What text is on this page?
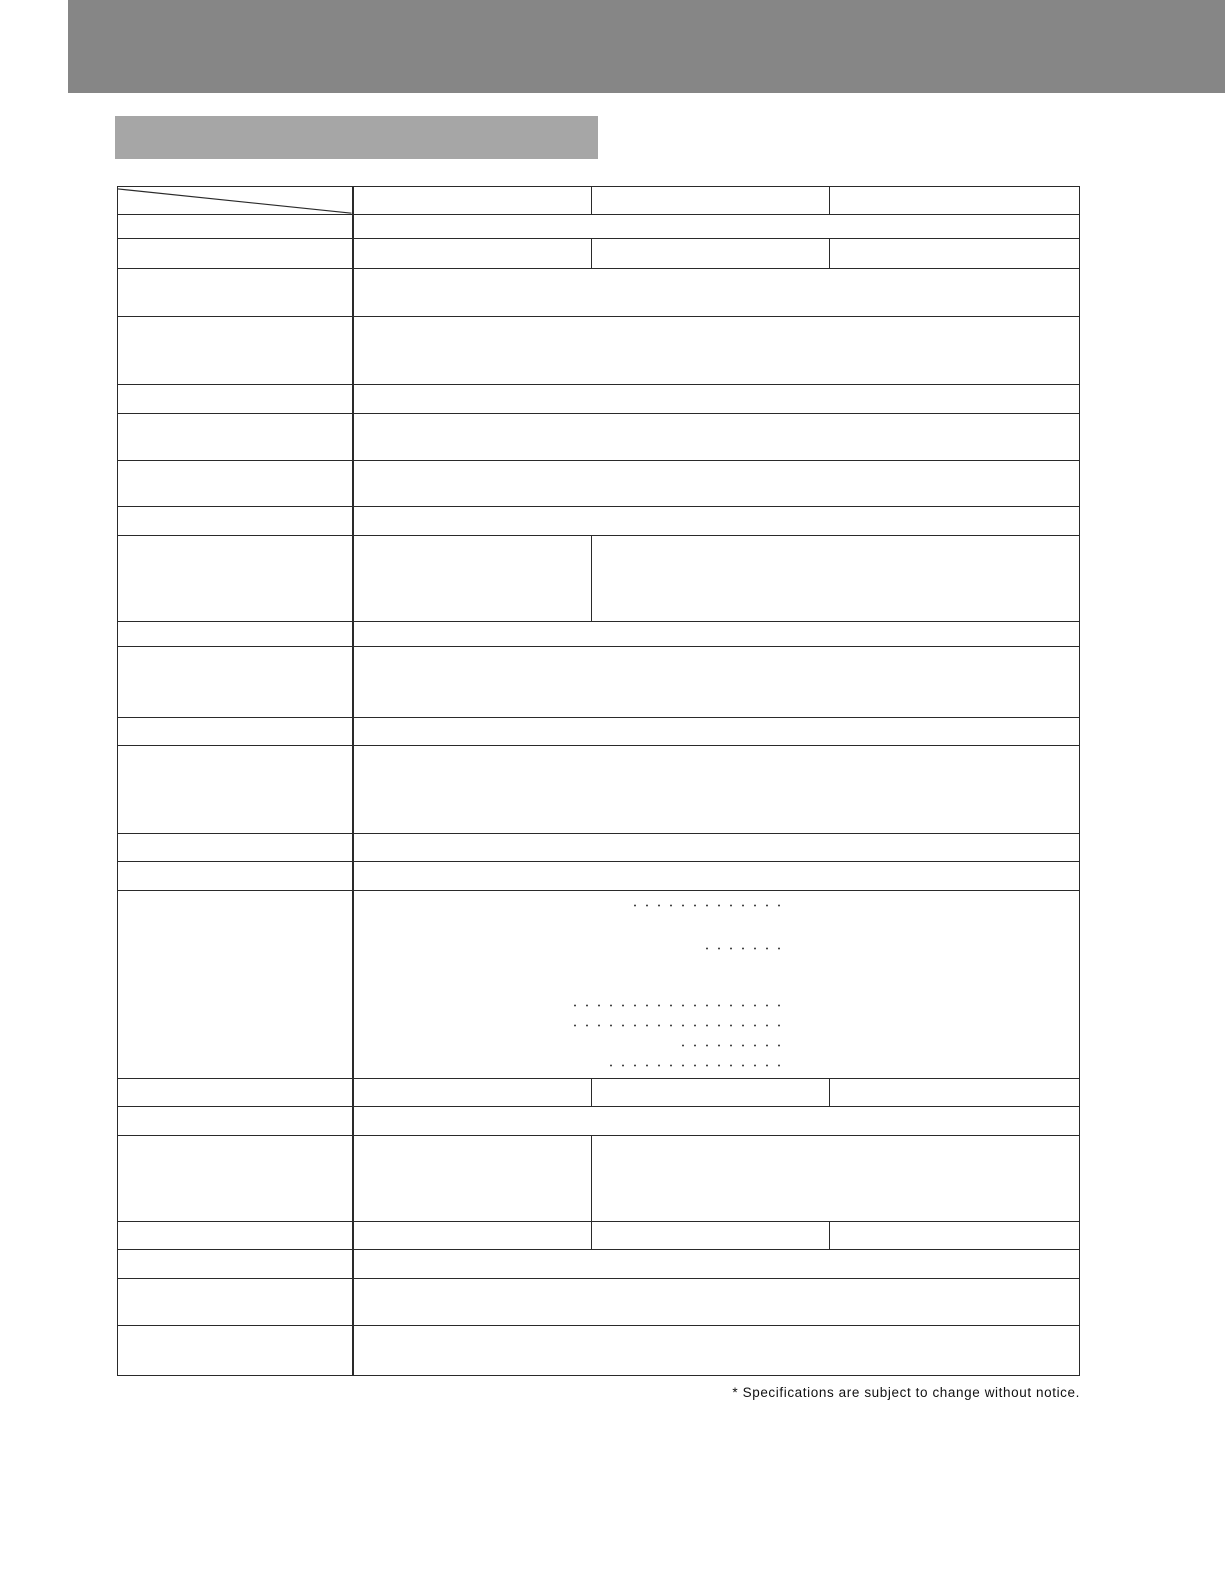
* Specifications are subject to change without notice.
